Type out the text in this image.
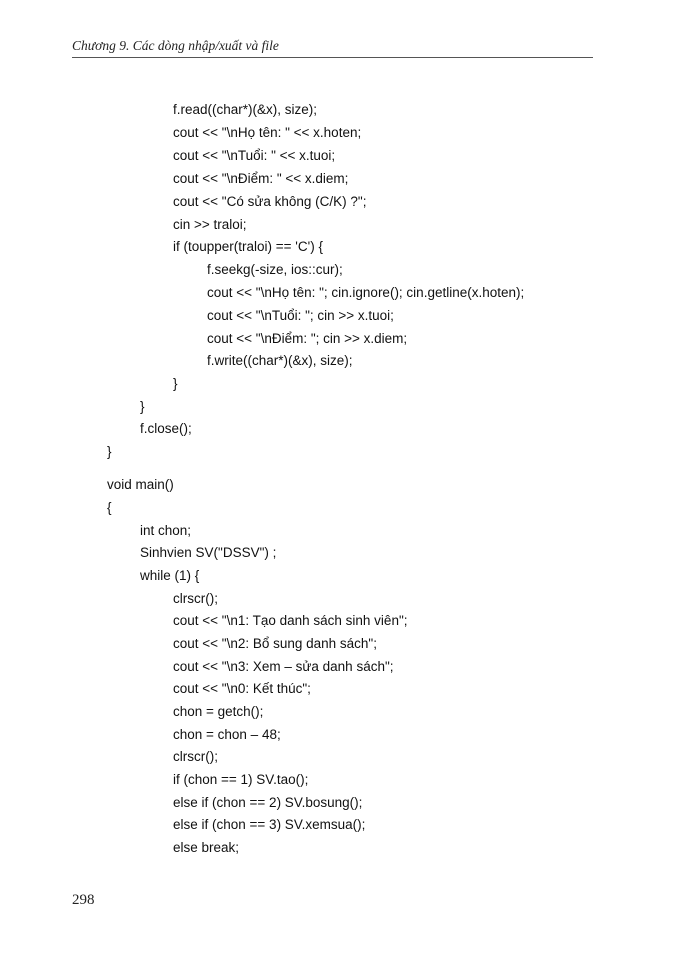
Chương 9. Các dòng nhập/xuất và file
f.read((char*)(&x), size);
cout << "\nHọ tên: " << x.hoten;
cout << "\nTuổi: " << x.tuoi;
cout << "\nĐiểm: " << x.diem;
cout << "Có sửa không (C/K) ?";
cin >> traloi;
if (toupper(traloi) == 'C') {
f.seekg(-size, ios::cur);
cout << "\nHọ tên: "; cin.ignore(); cin.getline(x.hoten);
cout << "\nTuổi: "; cin >> x.tuoi;
cout << "\nĐiểm: "; cin >> x.diem;
f.write((char*)(&x), size);
}
}
f.close();
}
void main()
{
int chon;
Sinhvien SV("DSSV") ;
while (1) {
clrscr();
cout << "\n1: Tạo danh sách sinh viên";
cout << "\n2: Bổ sung danh sách";
cout << "\n3: Xem – sửa danh sách";
cout << "\n0: Kết thúc";
chon = getch();
chon = chon – 48;
clrscr();
if (chon == 1) SV.tao();
else if (chon == 2) SV.bosung();
else if (chon == 3) SV.xemsua();
else break;
298
